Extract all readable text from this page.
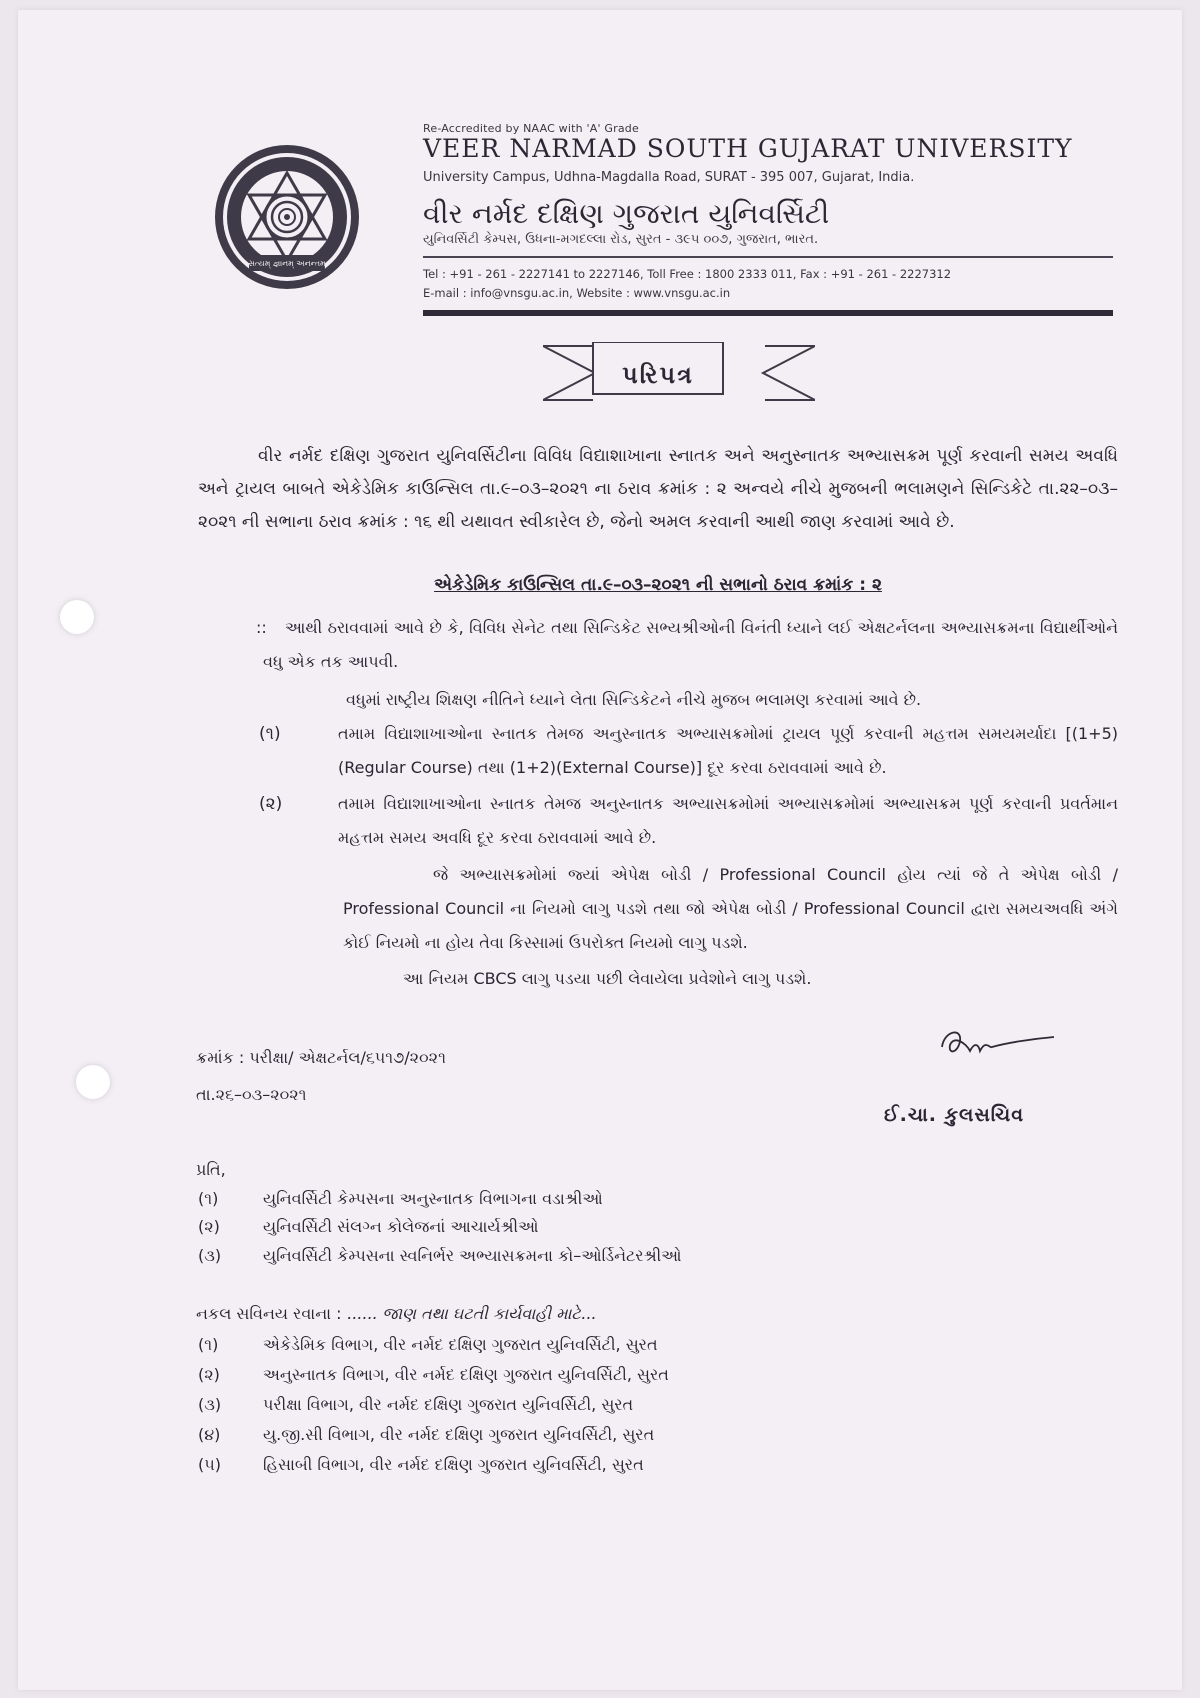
સત્યમ્ જ્ઞાનમ્ અનન્તમ્
Re-Accredited by NAAC with 'A' Grade
VEER NARMAD SOUTH GUJARAT UNIVERSITY
University Campus, Udhna-Magdalla Road, SURAT - 395 007, Gujarat, India.
વીર નર્મદ દક્ષિણ ગુજરાત યુનિવર્સિટી
યુનિવર્સિટી કેમ્પસ, ઉધના-મગદલ્લા રોડ, સુરત - ૩૯૫ ૦૦૭, ગુજરાત, ભારત.
Tel : +91 - 261 - 2227141 to 2227146, Toll Free : 1800 2333 011, Fax : +91 - 261 - 2227312
E-mail : info@vnsgu.ac.in, Website : www.vnsgu.ac.in
પરિપત્ર
વીર નર્મદ દક્ષિણ ગુજરાત યુનિવર્સિટીના વિવિધ વિદ્યાશાખાના સ્નાતક અને અનુસ્નાતક અભ્યાસક્રમ પૂર્ણ કરવાની સમય અવધિ અને ટ્રાયલ બાબતે એકેડેમિક કાઉન્સિલ તા.૯–૦૩–૨૦૨૧ ના ઠરાવ ક્રમાંક : ૨ અન્વયે નીચે મુજબની ભલામણને સિન્ડિકેટે તા.૨૨–૦૩–૨૦૨૧ ની સભાના ઠરાવ ક્રમાંક : ૧૬ થી યથાવત સ્વીકારેલ છે, જેનો અમલ કરવાની આથી જાણ કરવામાં આવે છે.
એકેડેમિક કાઉન્સિલ તા.૯–૦૩–૨૦૨૧ ની સભાનો ઠરાવ ક્રમાંક : ૨
આથી ઠરાવવામાં આવે છે કે, વિવિધ સેનેટ તથા સિન્ડિકેટ સભ્યશ્રીઓની વિનંતી ધ્યાને લઈ એક્ષટર્નલના અભ્યાસક્રમના વિદ્યાર્થીઓને વધુ એક તક આપવી.
::
વધુમાં રાષ્ટ્રીય શિક્ષણ નીતિને ધ્યાને લેતા સિન્ડિકેટને નીચે મુજબ ભલામણ કરવામાં આવે છે.
(૧)	તમામ વિદ્યાશાખાઓના સ્નાતક તેમજ અનુસ્નાતક અભ્યાસક્રમોમાં ટ્રાયલ પૂર્ણ કરવાની મહત્તમ સમયમર્યાદા [(1+5)(Regular Course) તથા (1+2)(External Course)] દૂર કરવા ઠરાવવામાં આવે છે.
(૨)	તમામ વિદ્યાશાખાઓના સ્નાતક તેમજ અનુસ્નાતક અભ્યાસક્રમોમાં અભ્યાસક્રમોમાં અભ્યાસક્રમ પૂર્ણ કરવાની પ્રવર્તમાન મહત્તમ સમય અવધિ દૂર કરવા ઠરાવવામાં આવે છે.
જે અભ્યાસક્રમોમાં જ્યાં એપેક્ષ બોડી / Professional Council હોય ત્યાં જે તે એપેક્ષ બોડી / Professional Council ના નિયમો લાગુ પડશે તથા જો એપેક્ષ બોડી / Professional Council દ્વારા સમયઅવધિ અંગે કોઈ નિયમો ના હોય તેવા કિસ્સામાં ઉપરોક્ત નિયમો લાગુ પડશે.
આ નિયમ CBCS લાગુ પડયા પછી લેવાયેલા પ્રવેશોને લાગુ પડશે.
ક્રમાંક : પરીક્ષા/ એક્ષટર્નલ/૬૫૧૭/૨૦૨૧
તા.૨૬–૦૩–૨૦૨૧
ઈ.ચા. કુલસચિવ
પ્રતિ,
(૧)	યુનિવર્સિટી કેમ્પસના અનુસ્નાતક વિભાગના વડાશ્રીઓ
(૨)	યુનિવર્સિટી સંલગ્ન કોલેજનાં આચાર્યશ્રીઓ
(૩)	યુનિવર્સિટી કેમ્પસના સ્વનિર્ભર અભ્યાસક્રમના કો–ઓર્ડિનેટરશ્રીઓ
નકલ સવિનય રવાના : ...... જાણ તથા ઘટતી કાર્યવાહી માટે...
(૧)	એકેડેમિક વિભાગ, વીર નર્મદ દક્ષિણ ગુજરાત યુનિવર્સિટી, સુરત
(૨)	અનુસ્નાતક વિભાગ, વીર નર્મદ દક્ષિણ ગુજરાત યુનિવર્સિટી, સુરત
(૩)	પરીક્ષા વિભાગ, વીર નર્મદ દક્ષિણ ગુજરાત યુનિવર્સિટી, સુરત
(૪)	યુ.જી.સી વિભાગ, વીર નર્મદ દક્ષિણ ગુજરાત યુનિવર્સિટી, સુરત
(૫)	હિસાબી વિભાગ, વીર નર્મદ દક્ષિણ ગુજરાત યુનિવર્સિટી, સુરત
